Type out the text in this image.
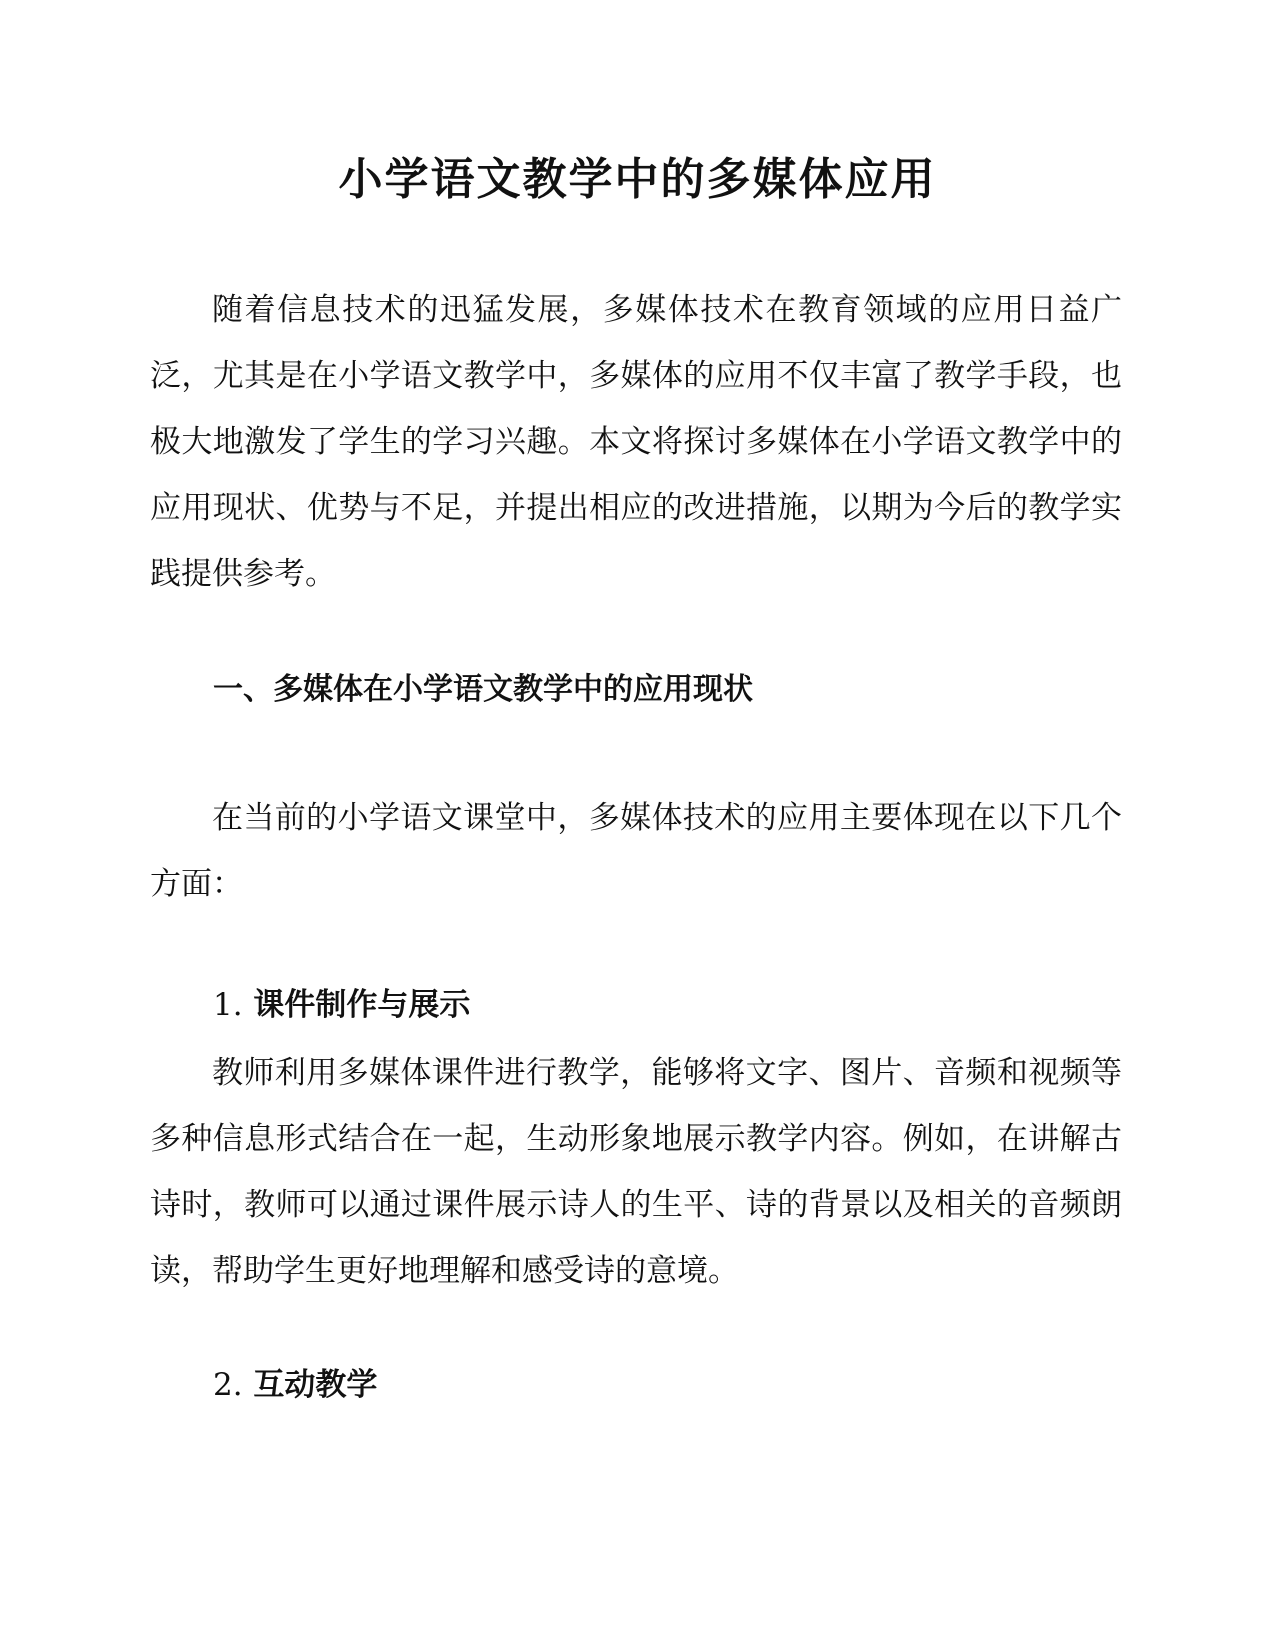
小学语文教学中的多媒体应用

随着信息技术的迅猛发展，多媒体技术在教育领域的应用日益广泛，尤其是在小学语文教学中，多媒体的应用不仅丰富了教学手段，也极大地激发了学生的学习兴趣。本文将探讨多媒体在小学语文教学中的应用现状、优势与不足，并提出相应的改进措施，以期为今后的教学实践提供参考。

一、多媒体在小学语文教学中的应用现状

在当前的小学语文课堂中，多媒体技术的应用主要体现在以下几个方面：

1. 课件制作与展示

教师利用多媒体课件进行教学，能够将文字、图片、音频和视频等多种信息形式结合在一起，生动形象地展示教学内容。例如，在讲解古诗时，教师可以通过课件展示诗人的生平、诗的背景以及相关的音频朗读，帮助学生更好地理解和感受诗的意境。

2. 互动教学
